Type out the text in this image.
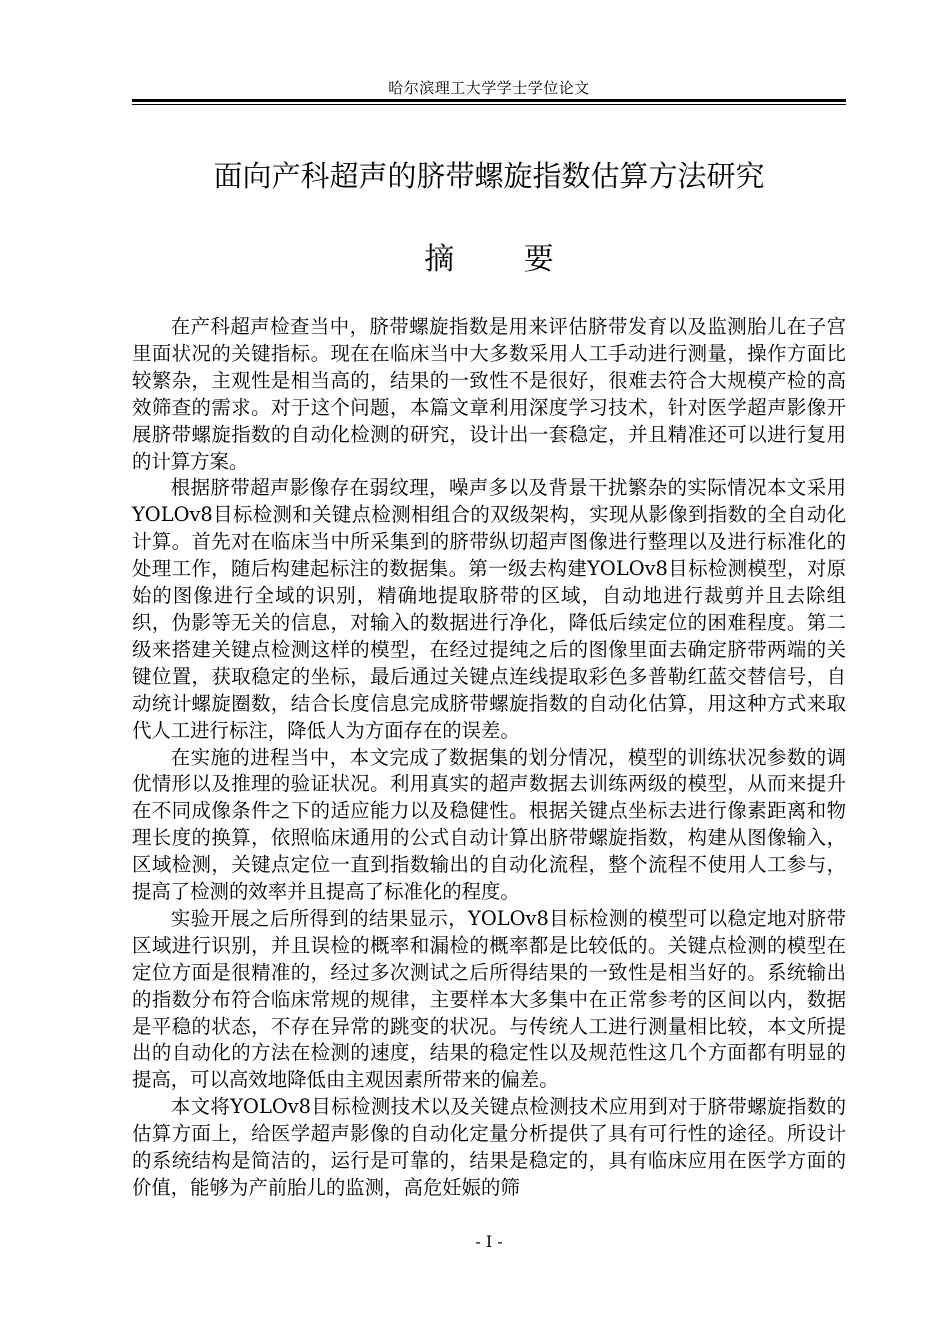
哈尔滨理工大学学士学位论文
面向产科超声的脐带螺旋指数估算方法研究
摘 要

在产科超声检查当中，脐带螺旋指数是用来评估脐带发育以及监测胎儿在子宫里面状况的关键指标。现在在临床当中大多数采用人工手动进行测量，操作方面比较繁杂，主观性是相当高的，结果的一致性不是很好，很难去符合大规模产检的高效筛查的需求。对于这个问题，本篇文章利用深度学习技术，针对医学超声影像开展脐带螺旋指数的自动化检测的研究，设计出一套稳定，并且精准还可以进行复用的计算方案。

根据脐带超声影像存在弱纹理，噪声多以及背景干扰繁杂的实际情况本文采用YOLOv8目标检测和关键点检测相组合的双级架构，实现从影像到指数的全自动化计算。首先对在临床当中所采集到的脐带纵切超声图像进行整理以及进行标准化的处理工作，随后构建起标注的数据集。第一级去构建YOLOv8目标检测模型，对原始的图像进行全域的识别，精确地提取脐带的区域，自动地进行裁剪并且去除组织，伪影等无关的信息，对输入的数据进行净化，降低后续定位的困难程度。第二级来搭建关键点检测这样的模型，在经过提纯之后的图像里面去确定脐带两端的关键位置，获取稳定的坐标，最后通过关键点连线提取彩色多普勒红蓝交替信号，自动统计螺旋圈数，结合长度信息完成脐带螺旋指数的自动化估算，用这种方式来取代人工进行标注，降低人为方面存在的误差。

在实施的进程当中，本文完成了数据集的划分情况，模型的训练状况参数的调优情形以及推理的验证状况。利用真实的超声数据去训练两级的模型，从而来提升在不同成像条件之下的适应能力以及稳健性。根据关键点坐标去进行像素距离和物理长度的换算，依照临床通用的公式自动计算出脐带螺旋指数，构建从图像输入，区域检测，关键点定位一直到指数输出的自动化流程，整个流程不使用人工参与，提高了检测的效率并且提高了标准化的程度。

实验开展之后所得到的结果显示，YOLOv8目标检测的模型可以稳定地对脐带区域进行识别，并且误检的概率和漏检的概率都是比较低的。关键点检测的模型在定位方面是很精准的，经过多次测试之后所得结果的一致性是相当好的。系统输出的指数分布符合临床常规的规律，主要样本大多集中在正常参考的区间以内，数据是平稳的状态，不存在异常的跳变的状况。与传统人工进行测量相比较，本文所提出的自动化的方法在检测的速度，结果的稳定性以及规范性这几个方面都有明显的提高，可以高效地降低由主观因素所带来的偏差。

本文将YOLOv8目标检测技术以及关键点检测技术应用到对于脐带螺旋指数的估算方面上，给医学超声影像的自动化定量分析提供了具有可行性的途径。所设计的系统结构是简洁的，运行是可靠的，结果是稳定的，具有临床应用在医学方面的价值，能够为产前胎儿的监测，高危妊娠的筛

- I -
